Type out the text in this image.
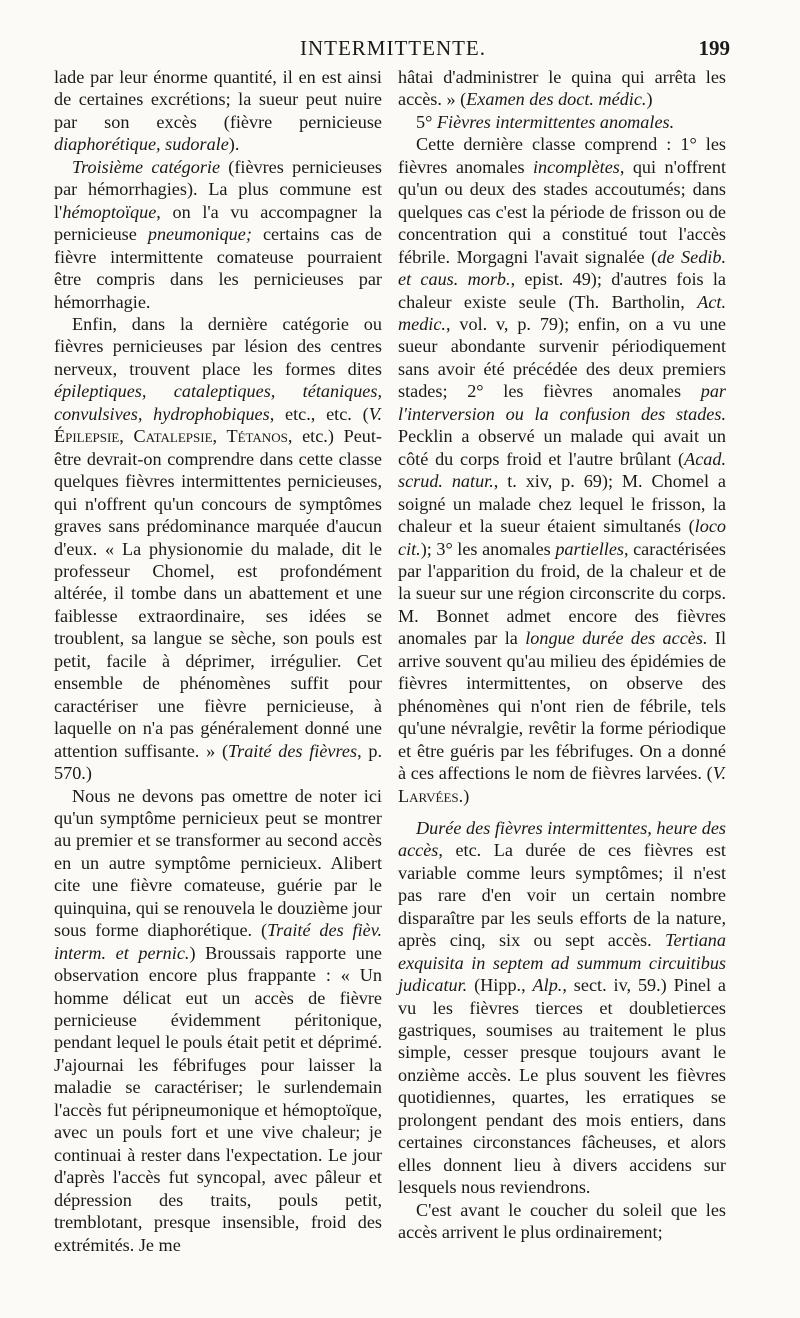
INTERMITTENTE.	199

lade par leur énorme quantité, il en est ainsi de certaines excrétions; la sueur peut nuire par son excès (fièvre pernicieuse diaphorétique, sudorale).

Troisième catégorie (fièvres pernicieuses par hémorrhagies). La plus commune est l'hémoptoïque, on l'a vu accompagner la pernicieuse pneumonique; certains cas de fièvre intermittente comateuse pourraient être compris dans les pernicieuses par hémorrhagie.

Enfin, dans la dernière catégorie ou fièvres pernicieuses par lésion des centres nerveux, trouvent place les formes dites épileptiques, cataleptiques, tétaniques, convulsives, hydrophobiques, etc., etc. (V. Épilepsie, Catalepsie, Tétanos, etc.) Peut-être devrait-on comprendre dans cette classe quelques fièvres intermittentes pernicieuses, qui n'offrent qu'un concours de symptômes graves sans prédominance marquée d'aucun d'eux. « La physionomie du malade, dit le professeur Chomel, est profondément altérée, il tombe dans un abattement et une faiblesse extraordinaire, ses idées se troublent, sa langue se sèche, son pouls est petit, facile à déprimer, irrégulier. Cet ensemble de phénomènes suffit pour caractériser une fièvre pernicieuse, à laquelle on n'a pas généralement donné une attention suffisante. » (Traité des fièvres, p. 570.)

Nous ne devons pas omettre de noter ici qu'un symptôme pernicieux peut se montrer au premier et se transformer au second accès en un autre symptôme pernicieux. Alibert cite une fièvre comateuse, guérie par le quinquina, qui se renouvela le douzième jour sous forme diaphorétique. (Traité des fièv. interm. et pernic.) Broussais rapporte une observation encore plus frappante : « Un homme délicat eut un accès de fièvre pernicieuse évidemment péritonique, pendant lequel le pouls était petit et déprimé. J'ajournai les fébrifuges pour laisser la maladie se caractériser; le surlendemain l'accès fut péripneumonique et hémoptoïque, avec un pouls fort et une vive chaleur; je continuai à rester dans l'expectation. Le jour d'après l'accès fut syncopal, avec pâleur et dépression des traits, pouls petit, tremblotant, presque insensible, froid des extrémités. Je me

hâtai d'administrer le quina qui arrêta les accès. » (Examen des doct. médic.)

5° Fièvres intermittentes anomales.

Cette dernière classe comprend : 1° les fièvres anomales incomplètes, qui n'offrent qu'un ou deux des stades accoutumés; dans quelques cas c'est la période de frisson ou de concentration qui a constitué tout l'accès fébrile. Morgagni l'avait signalée (de Sedib. et caus. morb., epist. 49); d'autres fois la chaleur existe seule (Th. Bartholin, Act. medic., vol. v, p. 79); enfin, on a vu une sueur abondante survenir périodiquement sans avoir été précédée des deux premiers stades; 2° les fièvres anomales par l'interversion ou la confusion des stades. Pecklin a observé un malade qui avait un côté du corps froid et l'autre brûlant (Acad. scrud. natur., t. xiv, p. 69); M. Chomel a soigné un malade chez lequel le frisson, la chaleur et la sueur étaient simultanés (loco cit.); 3° les anomales partielles, caractérisées par l'apparition du froid, de la chaleur et de la sueur sur une région circonscrite du corps. M. Bonnet admet encore des fièvres anomales par la longue durée des accès. Il arrive souvent qu'au milieu des épidémies de fièvres intermittentes, on observe des phénomènes qui n'ont rien de fébrile, tels qu'une névralgie, revêtir la forme périodique et être guéris par les fébrifuges. On a donné à ces affections le nom de fièvres larvées. (V. Larvées.)

Durée des fièvres intermittentes, heure des accès, etc. La durée de ces fièvres est variable comme leurs symptômes; il n'est pas rare d'en voir un certain nombre disparaître par les seuls efforts de la nature, après cinq, six ou sept accès. Tertiana exquisita in septem ad summum circuitibus judicatur. (Hipp., Alp., sect. iv, 59.) Pinel a vu les fièvres tierces et doubletierces gastriques, soumises au traitement le plus simple, cesser presque toujours avant le onzième accès. Le plus souvent les fièvres quotidiennes, quartes, les erratiques se prolongent pendant des mois entiers, dans certaines circonstances fâcheuses, et alors elles donnent lieu à divers accidens sur lesquels nous reviendrons.

C'est avant le coucher du soleil que les accès arrivent le plus ordinairement;
